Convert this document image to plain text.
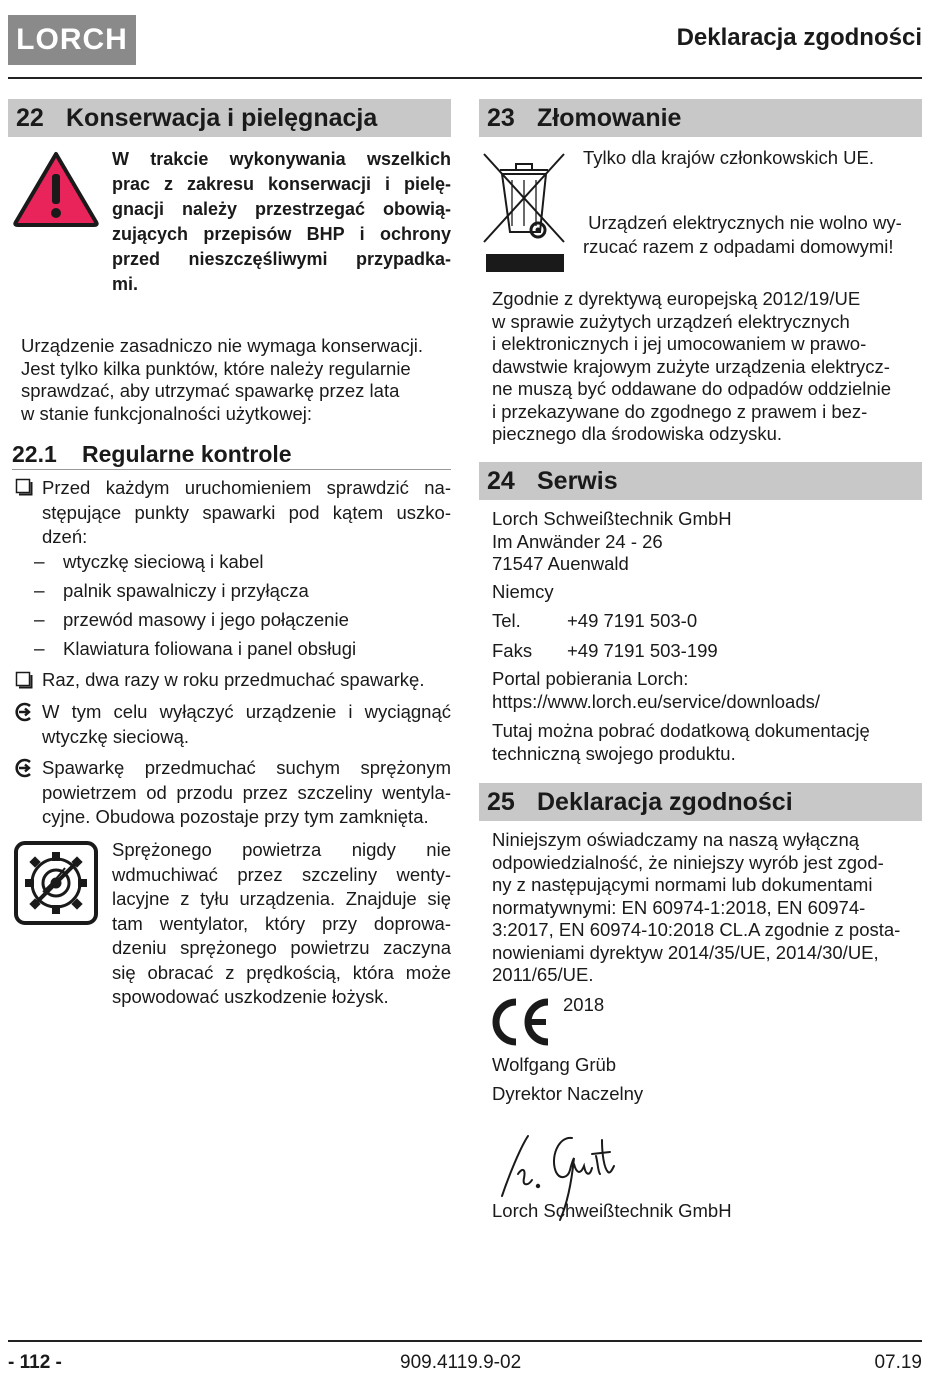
LORCH	Deklaracja zgodności
22 Konserwacja i pielęgnacja
W trakcie wykonywania wszelkich
prac z zakresu konserwacji i pielę-
gnacji należy przestrzegać obowią-
zujących przepisów BHP i ochrony
przed nieszczęśliwymi przypadka-
mi.
Urządzenie zasadniczo nie wymaga konserwacji.
Jest tylko kilka punktów, które należy regularnie
sprawdzać, aby utrzymać spawarkę przez lata
w stanie funkcjonalności użytkowej:
22.1	Regularne kontrole
Przed każdym uruchomieniem sprawdzić na-
stępujące punkty spawarki pod kątem uszko-
dzeń:
– wtyczkę sieciową i kabel
– palnik spawalniczy i przyłącza
– przewód masowy i jego połączenie
– Klawiatura foliowana i panel obsługi
Raz, dwa razy w roku przedmuchać spawarkę.
W tym celu wyłączyć urządzenie i wyciągnąć
wtyczkę sieciową.
Spawarkę przedmuchać suchym sprężonym
powietrzem od przodu przez szczeliny wentyla-
cyjne. Obudowa pozostaje przy tym zamknięta.
Sprężonego powietrza nigdy nie
wdmuchiwać przez szczeliny wenty-
lacyjne z tyłu urządzenia. Znajduje się
tam wentylator, który przy doprowa-
dzeniu sprężonego powietrzu zaczyna
się obracać z prędkością, która może
spowodować uszkodzenie łożysk.
23 Złomowanie
Tylko dla krajów członkowskich UE.
Urządzeń elektrycznych nie wolno wy-
rzucać razem z odpadami domowymi!
Zgodnie z dyrektywą europejską 2012/19/UE
w sprawie zużytych urządzeń elektrycznych
i elektronicznych i jej umocowaniem w prawo-
dawstwie krajowym zużyte urządzenia elektrycz-
ne muszą być oddawane do odpadów oddzielnie
i przekazywane do zgodnego z prawem i bez-
piecznego dla środowiska odzysku.
24 Serwis
Lorch Schweißtechnik GmbH
Im Anwänder 24 - 26
71547 Auenwald
Niemcy
Tel. +49 7191 503-0
Faks +49 7191 503-199
Portal pobierania Lorch:
https://www.lorch.eu/service/downloads/
Tutaj można pobrać dodatkową dokumentację
techniczną swojego produktu.
25 Deklaracja zgodności
Niniejszym oświadczamy na naszą wyłączną
odpowiedzialność, że niniejszy wyrób jest zgod-
ny z następującymi normami lub dokumentami
normatywnymi: EN 60974-1:2018, EN 60974-
3:2017, EN 60974-10:2018 CL.A zgodnie z posta-
nowieniami dyrektyw 2014/35/UE, 2014/30/UE,
2011/65/UE.
2018
Wolfgang Grüb
Dyrektor Naczelny
Lorch Schweißtechnik GmbH
- 112 -	909.4119.9-02	07.19
